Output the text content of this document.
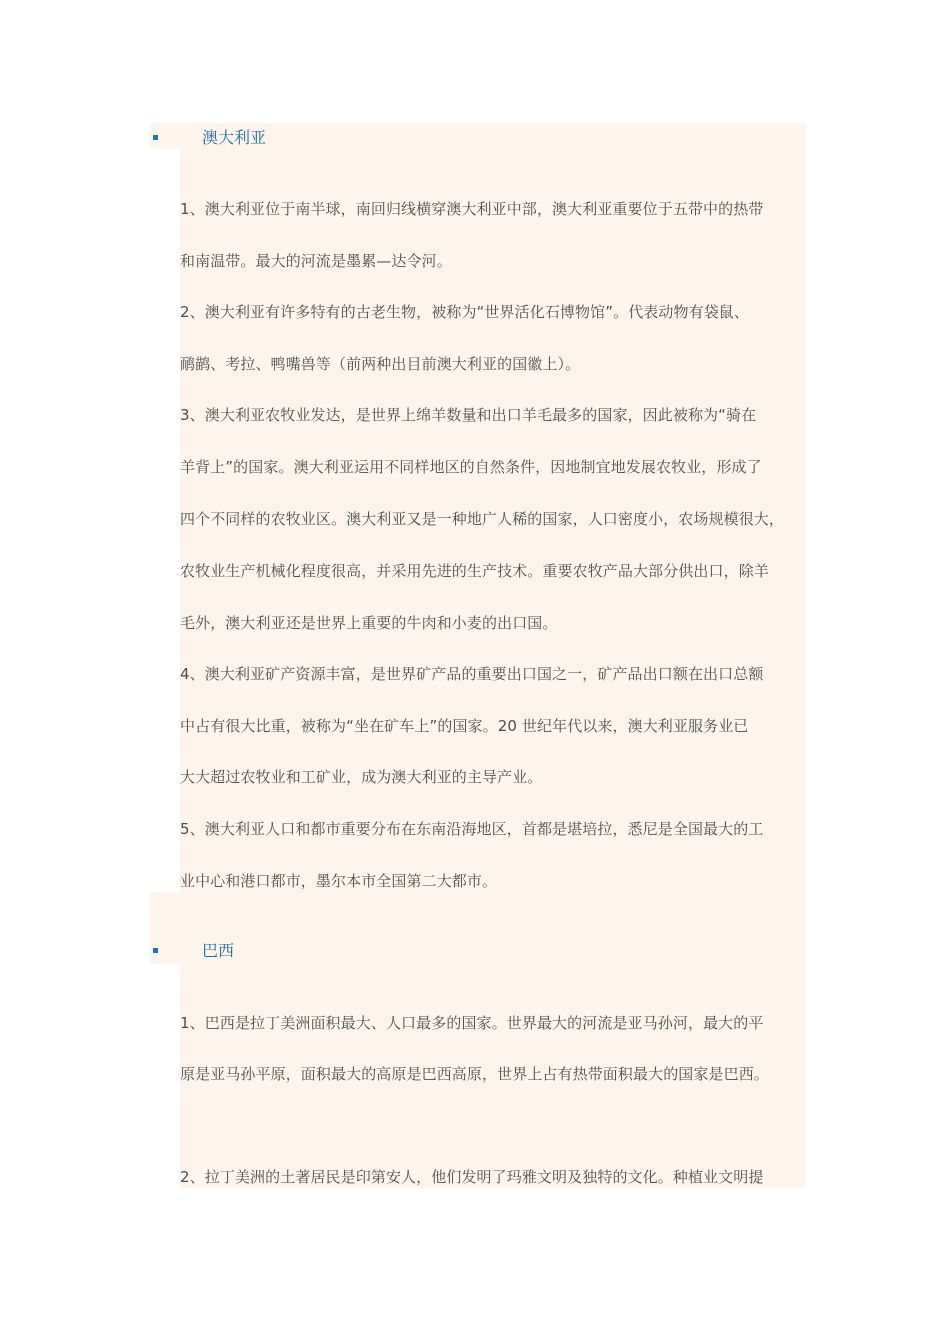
澳大利亚
1、澳大利亚位于南半球，南回归线横穿澳大利亚中部，澳大利亚重要位于五带中的热带
和南温带。最大的河流是墨累—达令河。
2、澳大利亚有许多特有的古老生物，被称为“世界活化石博物馆”。代表动物有袋鼠、
鸸鹋、考拉、鸭嘴兽等（前两种出目前澳大利亚的国徽上）。
3、澳大利亚农牧业发达，是世界上绵羊数量和出口羊毛最多的国家，因此被称为“骑在
羊背上”的国家。澳大利亚运用不同样地区的自然条件，因地制宜地发展农牧业，形成了
四个不同样的农牧业区。澳大利亚又是一种地广人稀的国家，人口密度小，农场规模很大，
农牧业生产机械化程度很高，并采用先进的生产技术。重要农牧产品大部分供出口，除羊
毛外，澳大利亚还是世界上重要的牛肉和小麦的出口国。
4、澳大利亚矿产资源丰富，是世界矿产品的重要出口国之一，矿产品出口额在出口总额
中占有很大比重，被称为“坐在矿车上”的国家。20 世纪年代以来，澳大利亚服务业已
大大超过农牧业和工矿业，成为澳大利亚的主导产业。
5、澳大利亚人口和都市重要分布在东南沿海地区，首都是堪培拉，悉尼是全国最大的工
业中心和港口都市，墨尔本市全国第二大都市。
巴西
1、巴西是拉丁美洲面积最大、人口最多的国家。世界最大的河流是亚马孙河，最大的平
原是亚马孙平原，面积最大的高原是巴西高原，世界上占有热带面积最大的国家是巴西。
2、拉丁美洲的土著居民是印第安人，他们发明了玛雅文明及独特的文化。种植业文明提
